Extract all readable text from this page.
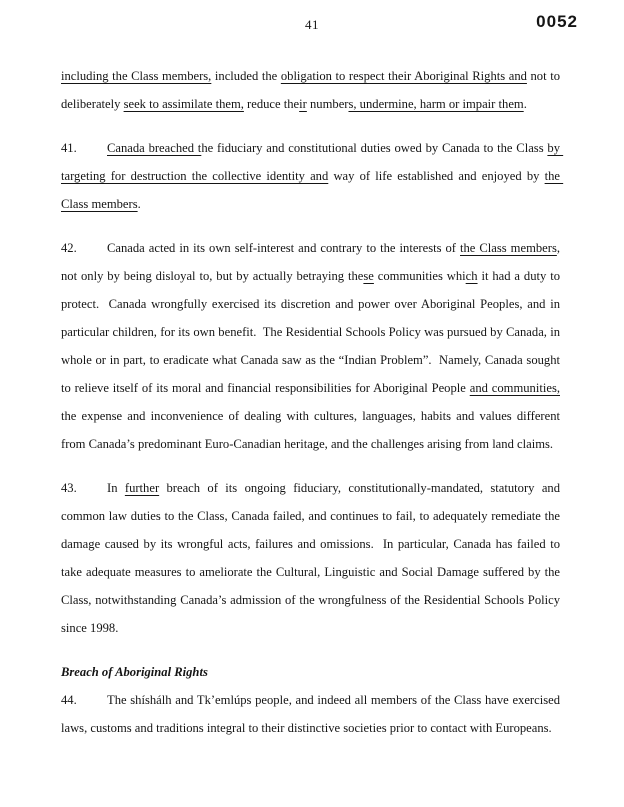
41	0052

including the Class members, included the obligation to respect their Aboriginal Rights and not to deliberately seek to assimilate them, reduce their numbers, undermine, harm or impair them.

41. Canada breached the fiduciary and constitutional duties owed by Canada to the Class by targeting for destruction the collective identity and way of life established and enjoyed by the Class members.

42. Canada acted in its own self-interest and contrary to the interests of the Class members, not only by being disloyal to, but by actually betraying these communities which it had a duty to protect.  Canada wrongfully exercised its discretion and power over Aboriginal Peoples, and in particular children, for its own benefit.  The Residential Schools Policy was pursued by Canada, in whole or in part, to eradicate what Canada saw as the “Indian Problem”.  Namely, Canada sought to relieve itself of its moral and financial responsibilities for Aboriginal People and communities, the expense and inconvenience of dealing with cultures, languages, habits and values different from Canada’s predominant Euro-Canadian heritage, and the challenges arising from land claims.

43. In further breach of its ongoing fiduciary, constitutionally-mandated, statutory and common law duties to the Class, Canada failed, and continues to fail, to adequately remediate the damage caused by its wrongful acts, failures and omissions.  In particular, Canada has failed to take adequate measures to ameliorate the Cultural, Linguistic and Social Damage suffered by the Class, notwithstanding Canada’s admission of the wrongfulness of the Residential Schools Policy since 1998.

Breach of Aboriginal Rights

44. The shíshálh and Tk’emlúps people, and indeed all members of the Class have exercised laws, customs and traditions integral to their distinctive societies prior to contact with Europeans.
